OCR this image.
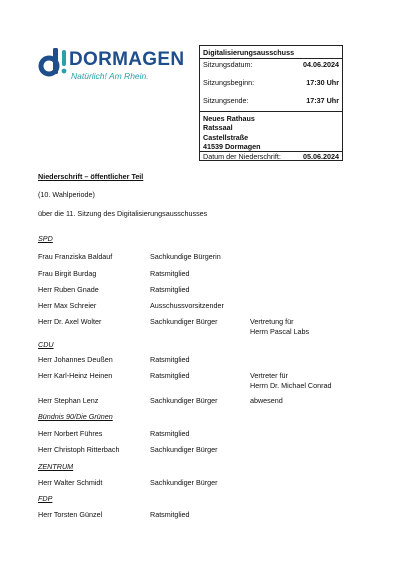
DORMAGEN
Natürlich! Am Rhein.
Digitalisierungsausschuss
Sitzungsdatum:	04.06.2024
Sitzungsbeginn:	17:30 Uhr
Sitzungsende:	17:37 Uhr
Neues Rathaus
Ratssaal
Castellstraße
41539 Dormagen
Datum der Niederschrift:	05.06.2024
Niederschrift – öffentlicher Teil
(10. Wahlperiode)
über die 11. Sitzung des Digitalisierungsausschusses
SPD
Frau Franziska Baldauf	Sachkundige Bürgerin
Frau Birgit Burdag	Ratsmitglied
Herr Ruben Gnade	Ratsmitglied
Herr Max Schreier	Ausschussvorsitzender
Herr Dr. Axel Wolter	Sachkundiger Bürger	Vertretung für
Herrn Pascal Labs
CDU
Herr Johannes Deußen	Ratsmitglied
Herr Karl-Heinz Heinen	Ratsmitglied	Vertreter für
Herrn Dr. Michael Conrad
Herr Stephan Lenz	Sachkundiger Bürger	abwesend
Bündnis 90/Die Grünen
Herr Norbert Führes	Ratsmitglied
Herr Christoph Ritterbach	Sachkundiger Bürger
ZENTRUM
Herr Walter Schmidt	Sachkundiger Bürger
FDP
Herr Torsten Günzel	Ratsmitglied
